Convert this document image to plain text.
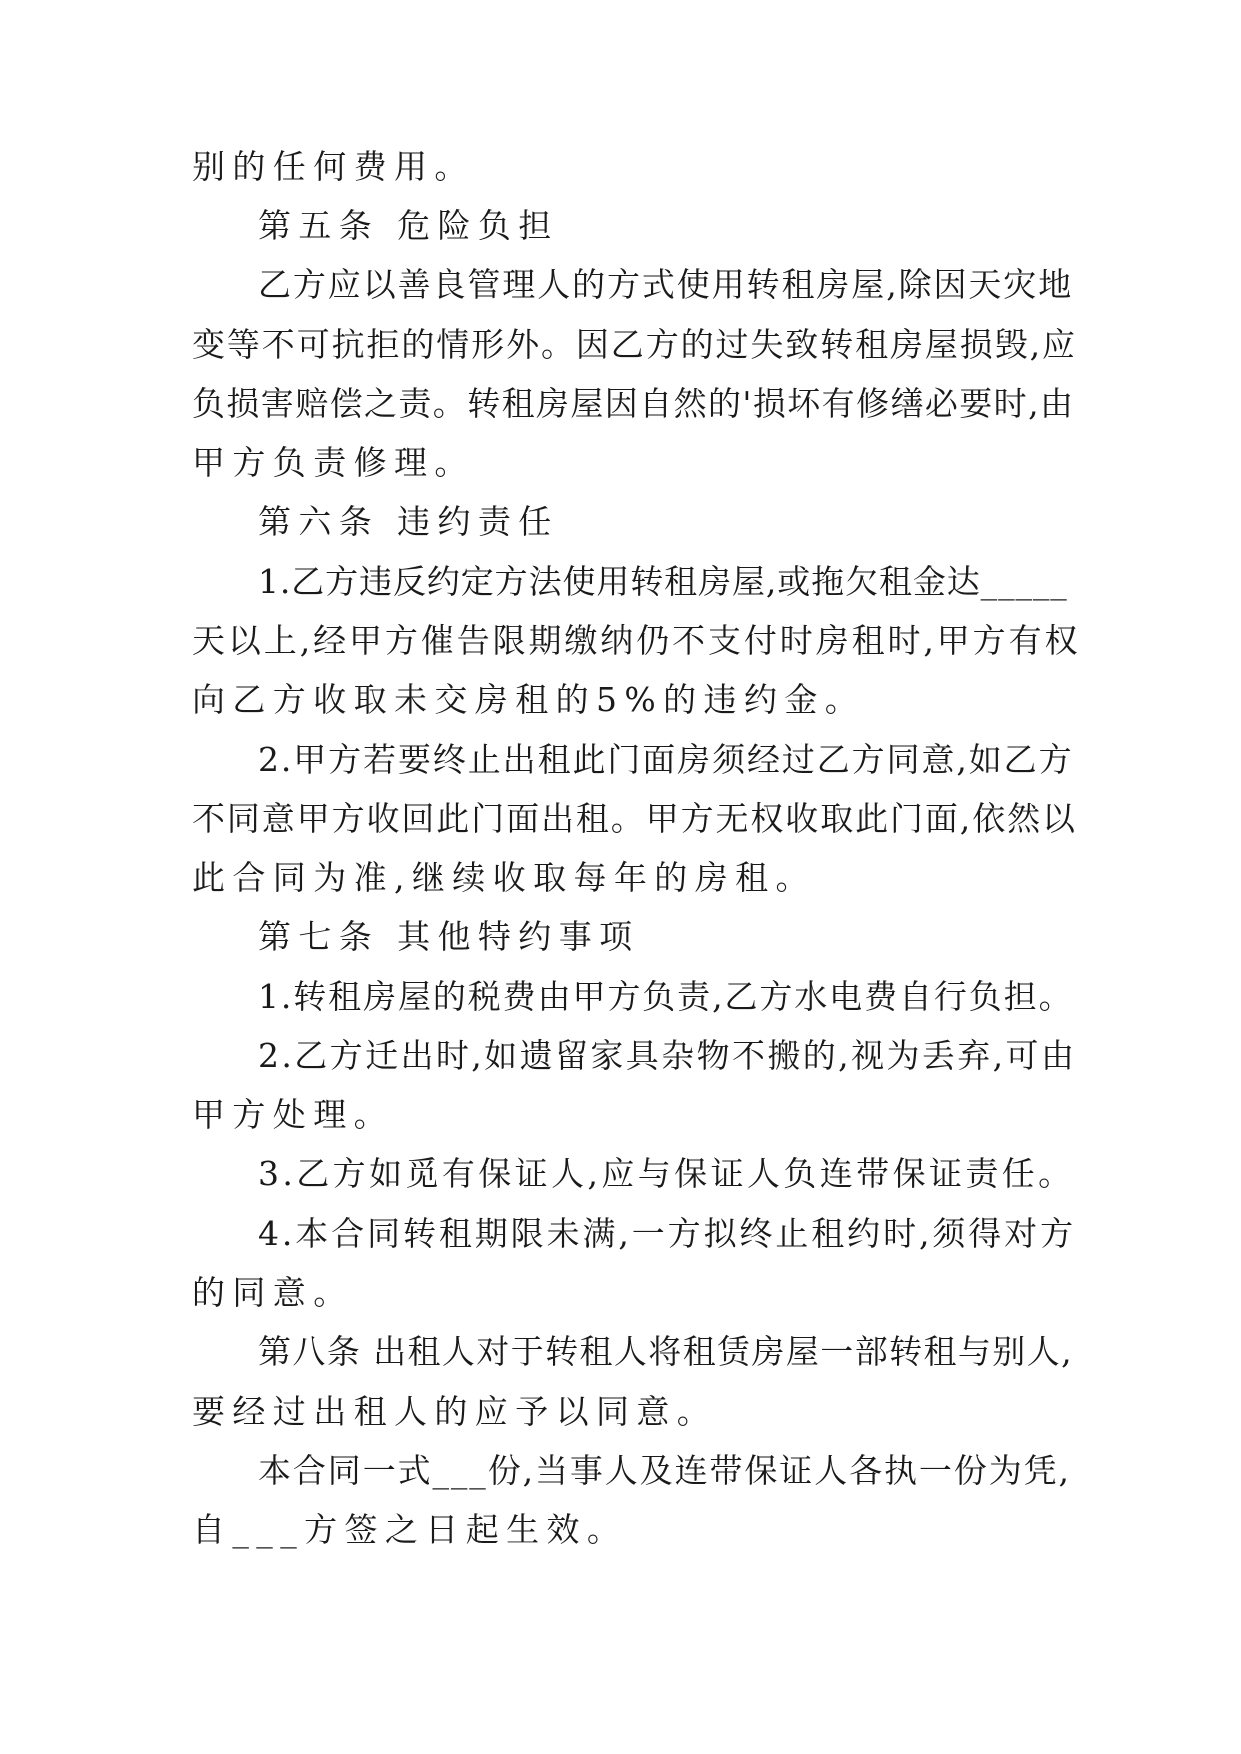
别的任何费用。
第五条 危险负担
乙方应以善良管理人的方式使用转租房屋,除因天灾地
变等不可抗拒的情形外。因乙方的过失致转租房屋损毁,应
负损害赔偿之责。转租房屋因自然的'损坏有修缮必要时,由
甲方负责修理。
第六条 违约责任
1.乙方违反约定方法使用转租房屋,或拖欠租金达_____
天以上,经甲方催告限期缴纳仍不支付时房租时,甲方有权
向乙方收取未交房租的5%的违约金。
2.甲方若要终止出租此门面房须经过乙方同意,如乙方
不同意甲方收回此门面出租。甲方无权收取此门面,依然以
此合同为准,继续收取每年的房租。
第七条 其他特约事项
1.转租房屋的税费由甲方负责,乙方水电费自行负担。
2.乙方迁出时,如遗留家具杂物不搬的,视为丢弃,可由
甲方处理。
3.乙方如觅有保证人,应与保证人负连带保证责任。
4.本合同转租期限未满,一方拟终止租约时,须得对方
的同意。
第八条 出租人对于转租人将租赁房屋一部转租与别人,
要经过出租人的应予以同意。
本合同一式___份,当事人及连带保证人各执一份为凭,
自___方签之日起生效。
